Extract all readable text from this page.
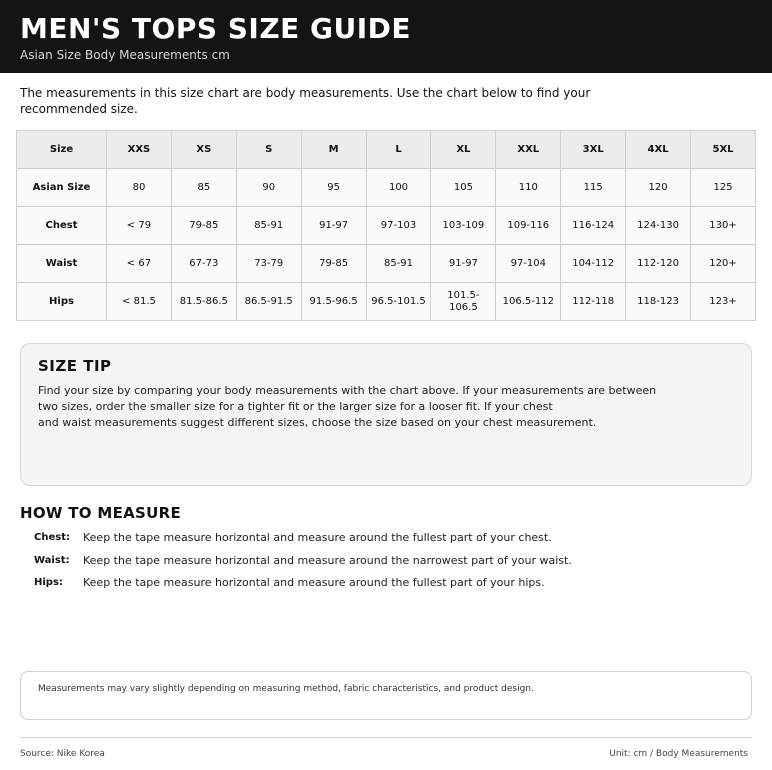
MEN'S TOPS SIZE GUIDE
Asian Size Body Measurements cm

The measurements in this size chart are body measurements. Use the chart below to find your recommended size.

Size	XXS	XS	S	M	L	XL	XXL	3XL	4XL	5XL
Asian Size	80	85	90	95	100	105	110	115	120	125
Chest	< 79	79-85	85-91	91-97	97-103	103-109	109-116	116-124	124-130	130+
Waist	< 67	67-73	73-79	79-85	85-91	91-97	97-104	104-112	112-120	120+
Hips	< 81.5	81.5-86.5	86.5-91.5	91.5-96.5	96.5-101.5	101.5-106.5	106.5-112	112-118	118-123	123+
SIZE TIP
Find your size by comparing your body measurements with the chart above. If your measurements are between
two sizes, order the smaller size for a tighter fit or the larger size for a looser fit. If your chest
and waist measurements suggest different sizes, choose the size based on your chest measurement.
HOW TO MEASURE
Chest:	Keep the tape measure horizontal and measure around the fullest part of your chest.
Waist:	Keep the tape measure horizontal and measure around the narrowest part of your waist.
Hips:	Keep the tape measure horizontal and measure around the fullest part of your hips.
Measurements may vary slightly depending on measuring method, fabric characteristics, and product design.
Source: Nike Korea	Unit: cm / Body Measurements
